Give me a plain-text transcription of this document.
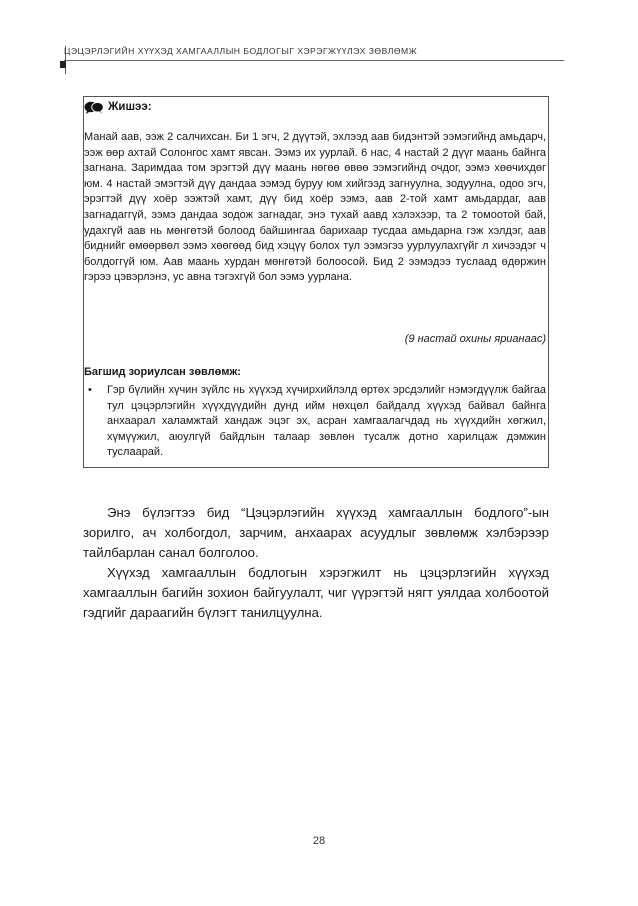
ЦЭЦЭРЛЭГИЙН ХҮҮХЭД ХАМГААЛЛЫН БОДЛОГЫГ ХЭРЭГЖҮҮЛЭХ ЗӨВЛӨМЖ
Жишээ:
Манай аав, ээж 2 салчихсан. Би 1 эгч, 2 дүүтэй, эхлээд аав бидэнтэй ээмэгийнд амьдарч, ээж өөр ахтай Солонгос хамт явсан. Ээмэ их уурлай. 6 нас, 4 настай 2 дүүг маань байнга загнана. Заримдаа том эрэгтэй дүү маань нөгөө өвөө ээмэгийнд очдог, ээмэ хөөчихдөг юм. 4 настай эмэгтэй дүү дандаа ээмэд буруу юм хийгээд загнуулна, зодуулна, одоо эгч, эрэгтэй дүү хоёр ээжтэй хамт, дүү бид хоёр ээмэ, аав 2-той хамт амьдардаг, аав загнадаггүй, ээмэ дандаа зодож загнадаг, энэ тухай аавд хэлэхээр, та 2 томоотой бай, удахгүй аав нь мөнгөтэй болоод байшингаа барихаар тусдаа амьдарна гэж хэлдэг, аав биднийг өмөөрвөл ээмэ хөөгөөд бид хэцүү болох тул ээмэгээ уурлуулахгүйг л хичээдэг ч болдоггүй юм. Аав маань хурдан мөнгөтэй болоосой. Бид 2 ээмэдээ туслаад өдөржин гэрээ цэвэрлэнэ, ус авна тэгэхгүй бол ээмэ уурлана.
(9 настай охины ярианаас)
Багшид зориулсан зөвлөмж:
• Гэр бүлийн хүчин зүйлс нь хүүхэд хүчирхийлэлд өртөх эрсдэлийг нэмэгдүүлж байгаа тул цэцэрлэгийн хүүхдүүдийн дунд ийм нөхцөл байдалд хүүхэд байвал байнга анхаарал халамжтай хандаж эцэг эх, асран хамгаалагчдад нь хүүхдийн хөгжил, хүмүүжил, аюулгүй байдлын талаар зөвлөн тусалж дотно харилцаж дэмжин туслаарай.
Энэ бүлэгтээ бид “Цэцэрлэгийн хүүхэд хамгааллын бодлого”-ын зорилго, ач холбогдол, зарчим, анхаарах асуудлыг зөвлөмж хэлбэрээр тайлбарлан санал болголоо.
Хүүхэд хамгааллын бодлогын хэрэгжилт нь цэцэрлэгийн хүүхэд хамгааллын багийн зохион байгуулалт, чиг үүрэгтэй нягт уялдаа холбоотой гэдгийг дараагийн бүлэгт танилцуулна.
28
